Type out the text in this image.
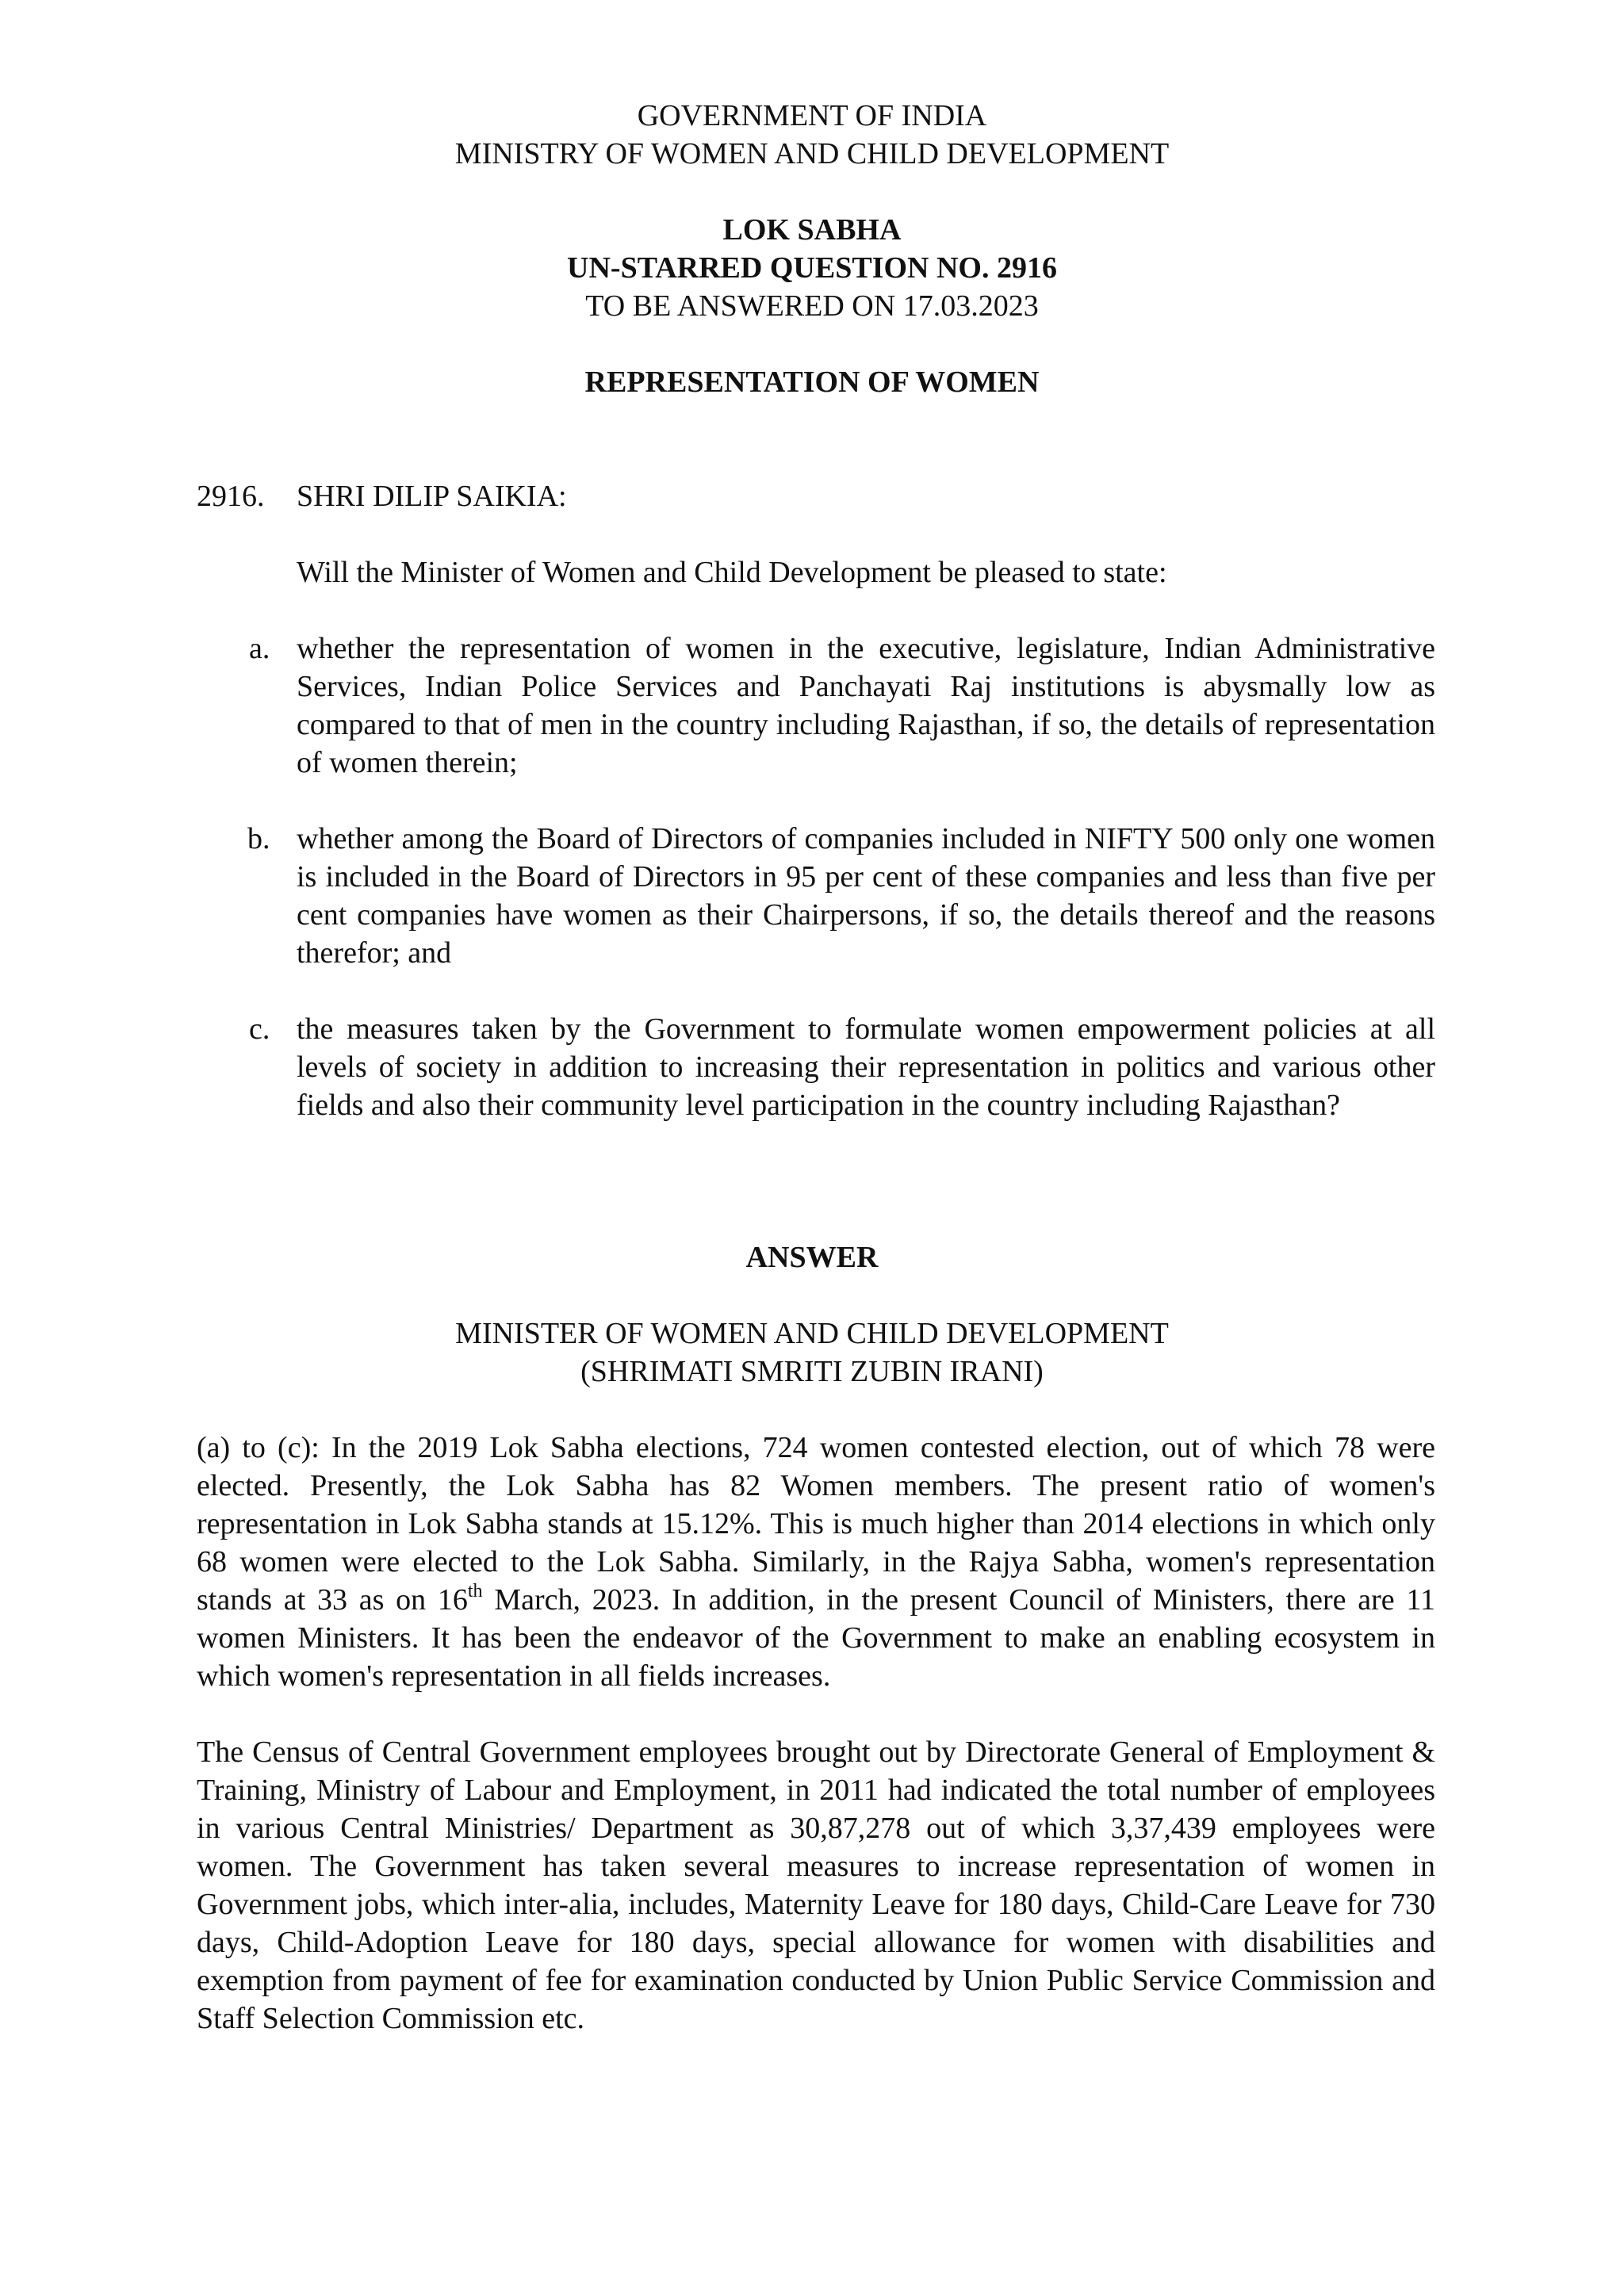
GOVERNMENT OF INDIA
MINISTRY OF WOMEN AND CHILD DEVELOPMENT
LOK SABHA
UN-STARRED QUESTION NO. 2916
TO BE ANSWERED ON 17.03.2023
REPRESENTATION OF WOMEN
2916. SHRI DILIP SAIKIA:
Will the Minister of Women and Child Development be pleased to state:
a. whether the representation of women in the executive, legislature, Indian Administrative Services, Indian Police Services and Panchayati Raj institutions is abysmally low as compared to that of men in the country including Rajasthan, if so, the details of representation of women therein;

b. whether among the Board of Directors of companies included in NIFTY 500 only one women is included in the Board of Directors in 95 per cent of these companies and less than five per cent companies have women as their Chairpersons, if so, the details thereof and the reasons therefor; and

c. the measures taken by the Government to formulate women empowerment policies at all levels of society in addition to increasing their representation in politics and various other fields and also their community level participation in the country including Rajasthan?

ANSWER
MINISTER OF WOMEN AND CHILD DEVELOPMENT
(SHRIMATI SMRITI ZUBIN IRANI)

(a) to (c): In the 2019 Lok Sabha elections, 724 women contested election, out of which 78 were elected. Presently, the Lok Sabha has 82 Women members. The present ratio of women's representation in Lok Sabha stands at 15.12%. This is much higher than 2014 elections in which only 68 women were elected to the Lok Sabha. Similarly, in the Rajya Sabha, women's representation stands at 33 as on 16th March, 2023. In addition, in the present Council of Ministers, there are 11 women Ministers. It has been the endeavor of the Government to make an enabling ecosystem in which women's representation in all fields increases.

The Census of Central Government employees brought out by Directorate General of Employment & Training, Ministry of Labour and Employment, in 2011 had indicated the total number of employees in various Central Ministries/ Department as 30,87,278 out of which 3,37,439 employees were women. The Government has taken several measures to increase representation of women in Government jobs, which inter-alia, includes, Maternity Leave for 180 days, Child-Care Leave for 730 days, Child-Adoption Leave for 180 days, special allowance for women with disabilities and exemption from payment of fee for examination conducted by Union Public Service Commission and Staff Selection Commission etc.
